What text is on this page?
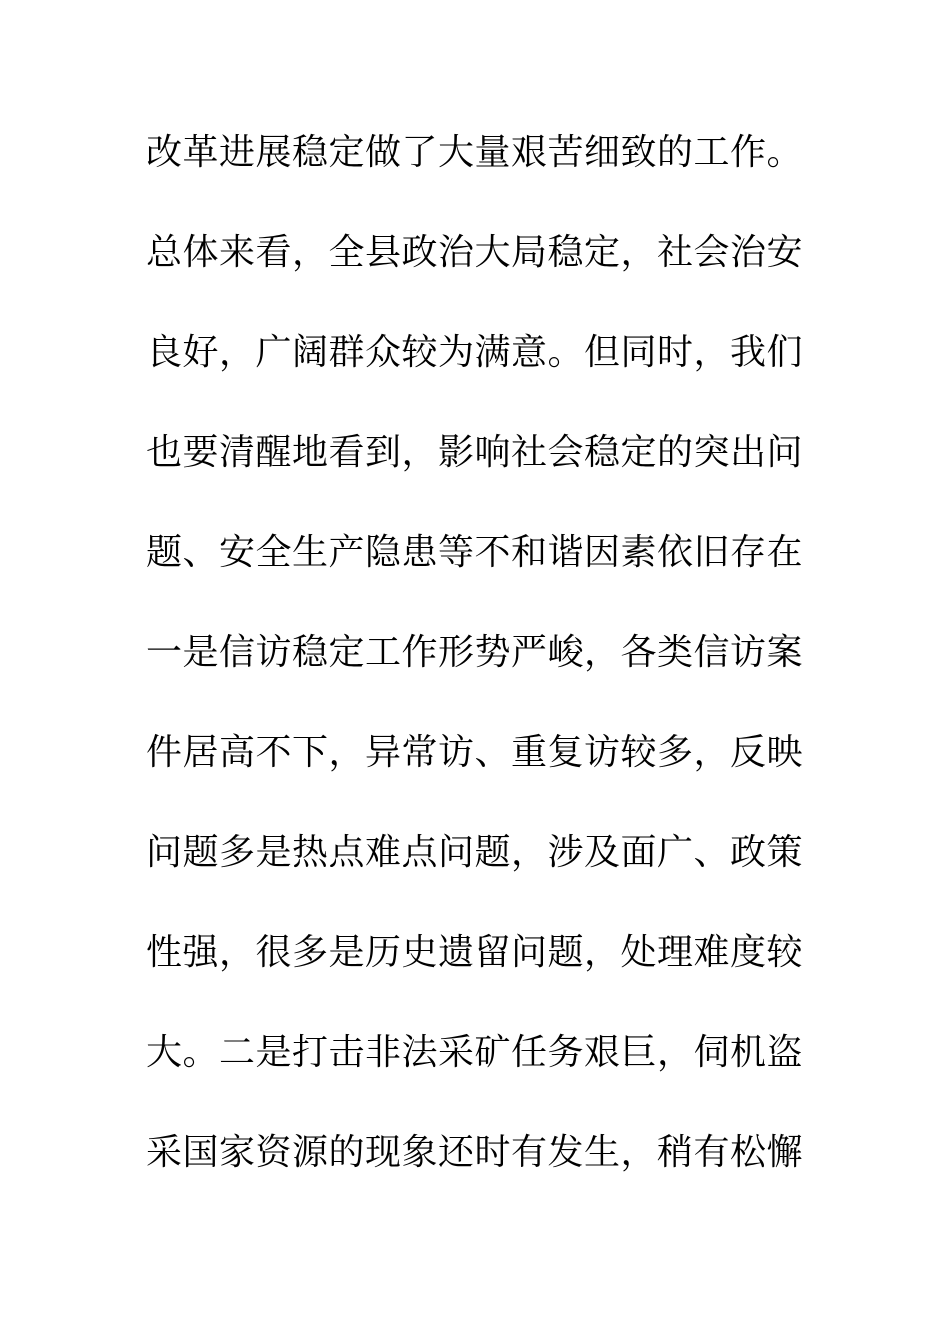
改革进展稳定做了大量艰苦细致的工作。
总体来看，全县政治大局稳定，社会治安
良好，广阔群众较为满意。但同时，我们
也要清醒地看到，影响社会稳定的突出问
题、安全生产隐患等不和谐因素依旧存在
一是信访稳定工作形势严峻，各类信访案
件居高不下，异常访、重复访较多，反映
问题多是热点难点问题，涉及面广、政策
性强，很多是历史遗留问题，处理难度较
大。二是打击非法采矿任务艰巨，伺机盗
采国家资源的现象还时有发生，稍有松懈
